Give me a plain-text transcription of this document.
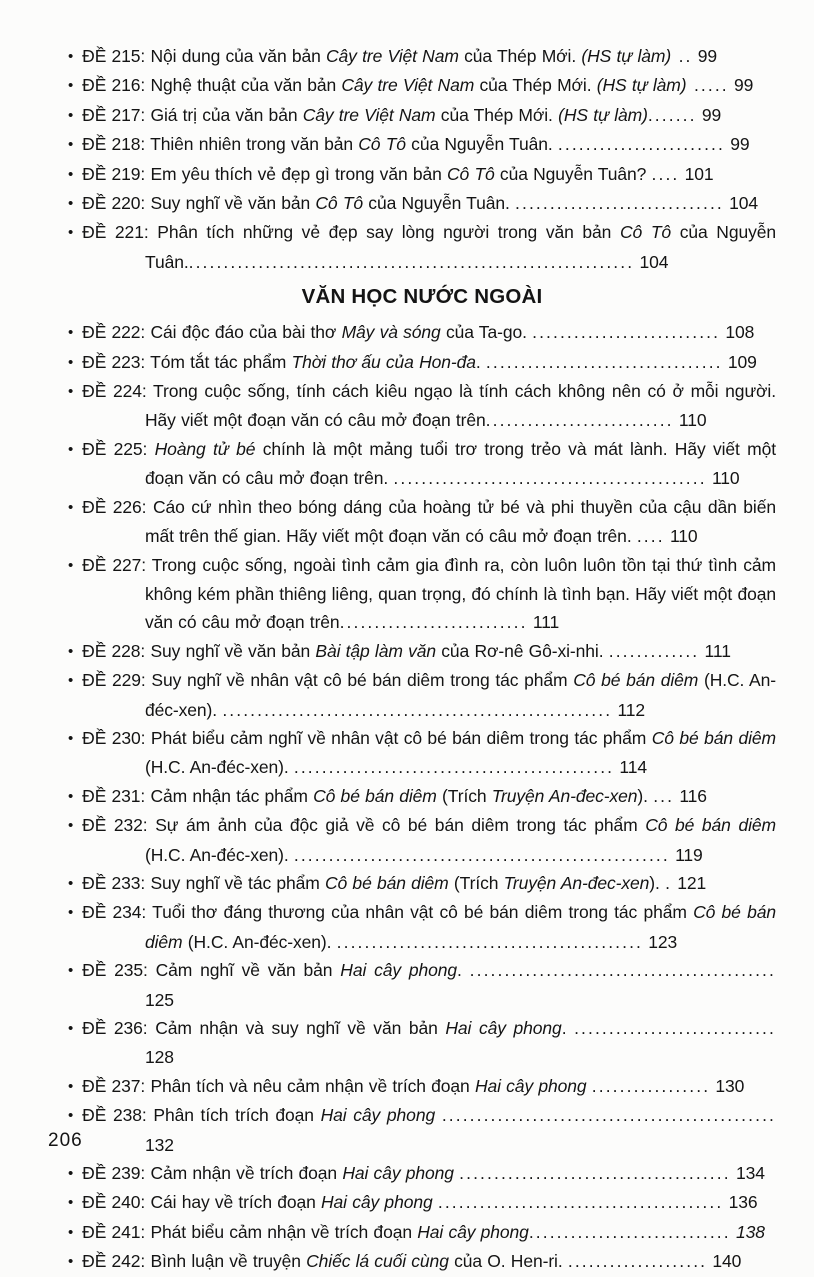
• ĐỀ 215: Nội dung của văn bản Cây tre Việt Nam của Thép Mới. (HS tự làm) .. 99
• ĐỀ 216: Nghệ thuật của văn bản Cây tre Việt Nam của Thép Mới. (HS tự làm) ..... 99
• ĐỀ 217: Giá trị của văn bản Cây tre Việt Nam của Thép Mới. (HS tự làm)....... 99
• ĐỀ 218: Thiên nhiên trong văn bản Cô Tô của Nguyễn Tuân. ........................ 99
• ĐỀ 219: Em yêu thích vẻ đẹp gì trong văn bản Cô Tô của Nguyễn Tuân? .... 101
• ĐỀ 220: Suy nghĩ về văn bản Cô Tô của Nguyễn Tuân. .............................. 104
• ĐỀ 221: Phân tích những vẻ đẹp say lòng người trong văn bản Cô Tô của Nguyễn Tuân................................................................. 104
VĂN HỌC NƯỚC NGOÀI
• ĐỀ 222: Cái độc đáo của bài thơ Mây và sóng của Ta-go. ........................... 108
• ĐỀ 223: Tóm tắt tác phẩm Thời thơ ấu của Hon-đa. .................................. 109
• ĐỀ 224: Trong cuộc sống, tính cách kiêu ngạo là tính cách không nên có ở mỗi người. Hãy viết một đoạn văn có câu mở đoạn trên........................... 110
• ĐỀ 225: Hoàng tử bé chính là một mảng tuổi trơ trong trẻo và mát lành. Hãy viết một đoạn văn có câu mở đoạn trên. ............................................. 110
• ĐỀ 226: Cáo cứ nhìn theo bóng dáng của hoàng tử bé và phi thuyền của cậu dần biến mất trên thế gian. Hãy viết một đoạn văn có câu mở đoạn trên. .... 110
• ĐỀ 227: Trong cuộc sống, ngoài tình cảm gia đình ra, còn luôn luôn tồn tại thứ tình cảm không kém phần thiêng liêng, quan trọng, đó chính là tình bạn. Hãy viết một đoạn văn có câu mở đoạn trên........................... 111
• ĐỀ 228: Suy nghĩ về văn bản Bài tập làm văn của Rơ-nê Gô-xi-nhi. ............. 111
• ĐỀ 229: Suy nghĩ về nhân vật cô bé bán diêm trong tác phẩm Cô bé bán diêm (H.C. An-đéc-xen). ........................................................ 112
• ĐỀ 230: Phát biểu cảm nghĩ về nhân vật cô bé bán diêm trong tác phẩm Cô bé bán diêm (H.C. An-đéc-xen). .............................................. 114
• ĐỀ 231: Cảm nhận tác phẩm Cô bé bán diêm (Trích Truyện An-đec-xen). ... 116
• ĐỀ 232: Sự ám ảnh của độc giả về cô bé bán diêm trong tác phẩm Cô bé bán diêm (H.C. An-đéc-xen). ...................................................... 119
• ĐỀ 233: Suy nghĩ về tác phẩm Cô bé bán diêm (Trích Truyện An-đec-xen). . 121
• ĐỀ 234: Tuổi thơ đáng thương của nhân vật cô bé bán diêm trong tác phẩm Cô bé bán diêm (H.C. An-đéc-xen). ............................................ 123
• ĐỀ 235: Cảm nghĩ về văn bản Hai cây phong. ............................................ 125
• ĐỀ 236: Cảm nhận và suy nghĩ về văn bản Hai cây phong. ............................. 128
• ĐỀ 237: Phân tích và nêu cảm nhận về trích đoạn Hai cây phong ................. 130
• ĐỀ 238: Phân tích trích đoạn Hai cây phong ................................................ 132
• ĐỀ 239: Cảm nhận về trích đoạn Hai cây phong ....................................... 134
• ĐỀ 240: Cái hay về trích đoạn Hai cây phong ......................................... 136
• ĐỀ 241: Phát biểu cảm nhận về trích đoạn Hai cây phong............................. 138
• ĐỀ 242: Bình luận về truyện Chiếc lá cuối cùng của O. Hen-ri. .................... 140
206
